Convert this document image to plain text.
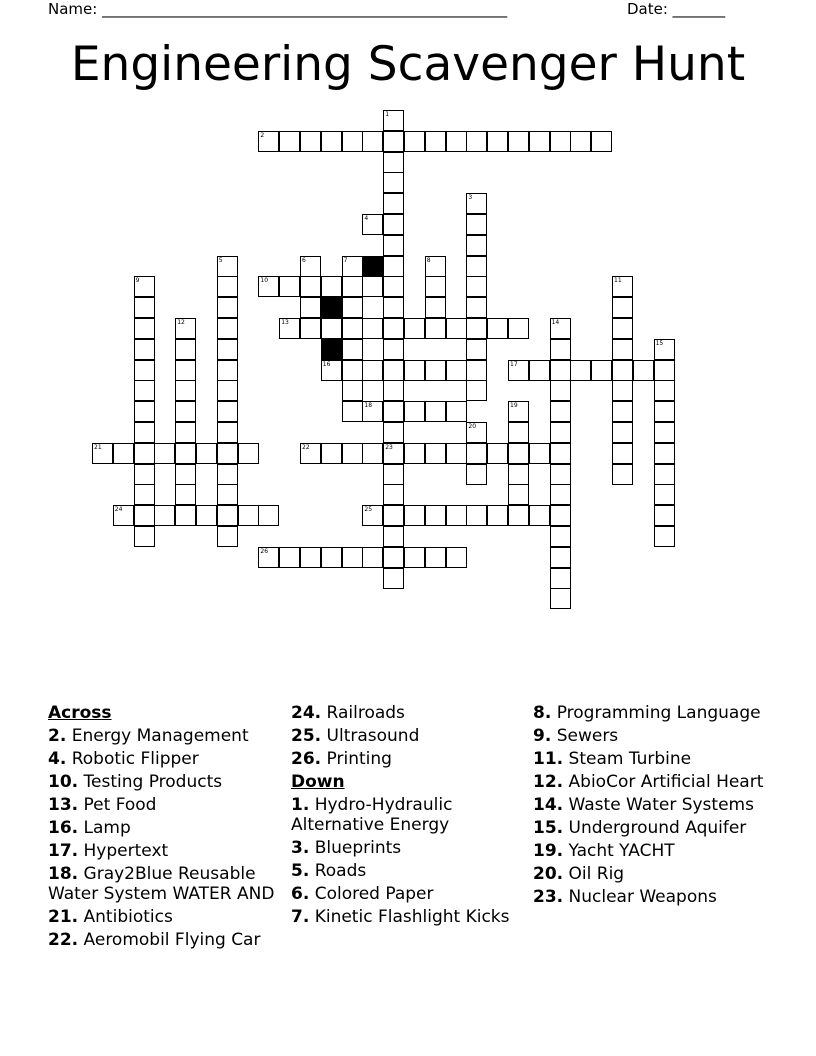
Name: ______________________________________________________	Date: _______
Engineering Scavenger Hunt
2
4
10
13
16	17
18
21	22	23
24	25
26
1
3
5	6	7	8
9	11
12	14
15
19
20
Across
2. Energy Management
4. Robotic Flipper
10. Testing Products
13. Pet Food
16. Lamp
17. Hypertext
18. Gray2Blue Reusable Water System WATER AND
21. Antibiotics
22. Aeromobil Flying Car
24. Railroads
25. Ultrasound
26. Printing
Down
1. Hydro-Hydraulic Alternative Energy
3. Blueprints
5. Roads
6. Colored Paper
7. Kinetic Flashlight Kicks
8. Programming Language
9. Sewers
11. Steam Turbine
12. AbioCor Artificial Heart
14. Waste Water Systems
15. Underground Aquifer
19. Yacht YACHT
20. Oil Rig
23. Nuclear Weapons
